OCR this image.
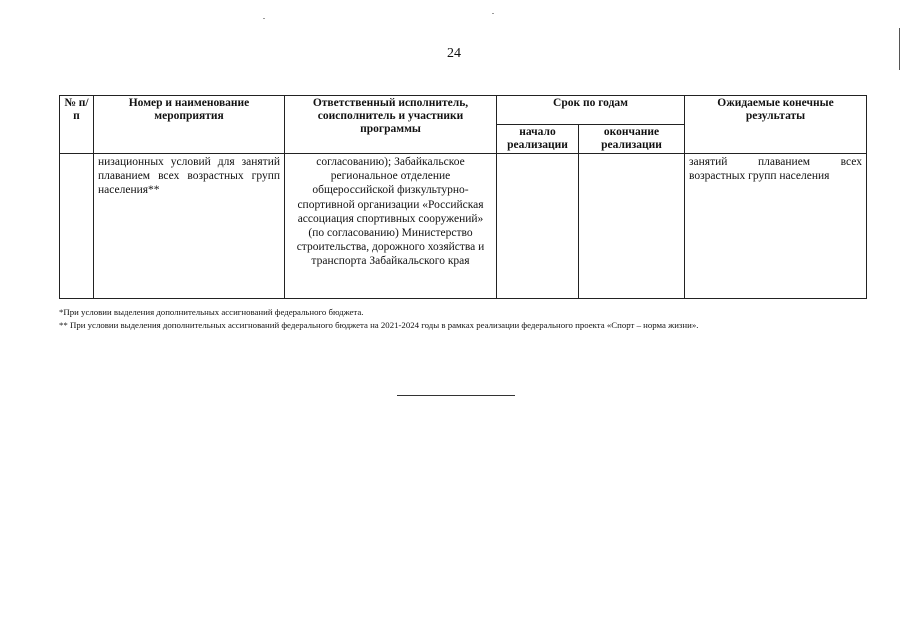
24
№ п/п	Номер и наименование мероприятия	Ответственный исполнитель, соисполнитель и участники программы	Срок по годам		Ожидаемые конечные результаты
			начало реализации	окончание реализации	
	низационных условий для занятий плаванием всех возрастных групп населения**	согласованию); Забайкальское региональное отделение общероссийской физкультурно-спортивной организации «Российская ассоциация спортивных сооружений» (по согласованию) Министерство строительства, дорожного хозяйства и транспорта Забайкальского края			занятий плаванием всех возрастных групп населения

*При условии выделения дополнительных ассигнований федерального бюджета.

** При условии выделения дополнительных ассигнований федерального бюджета на 2021-2024 годы в рамках реализации федерального проекта «Спорт – норма жизни».
